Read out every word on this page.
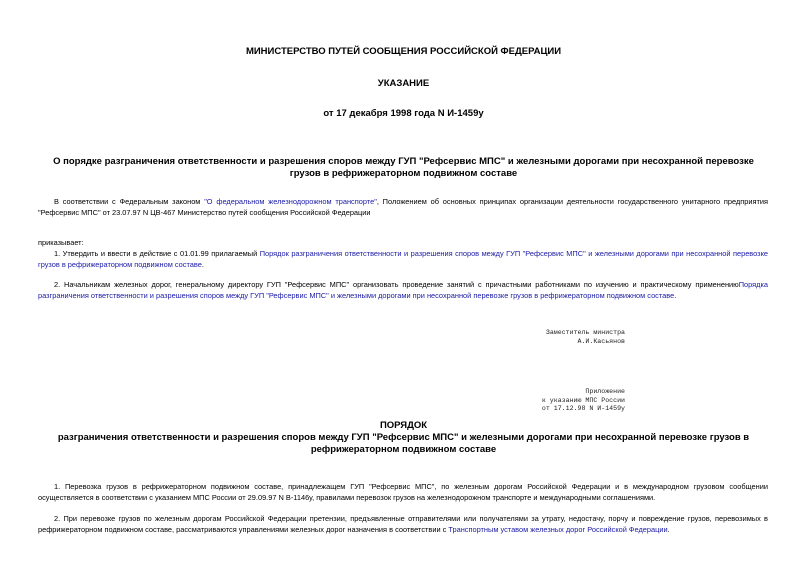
МИНИСТЕРСТВО ПУТЕЙ СООБЩЕНИЯ РОССИЙСКОЙ ФЕДЕРАЦИИ
УКАЗАНИЕ
от 17 декабря 1998 года N И-1459у
О порядке разграничения ответственности и разрешения споров между ГУП "Рефсервис МПС" и железными дорогами при несохранной перевозке грузов в рефрижераторном подвижном составе
В соответствии с Федеральным законом "О федеральном железнодорожном транспорте", Положением об основных принципах организации деятельности государственного унитарного предприятия "Рефсервис МПС" от 23.07.97 N ЦВ-467 Министерство путей сообщения Российской Федерации
приказывает:
1. Утвердить и ввести в действие с 01.01.99 прилагаемый Порядок разграничения ответственности и разрешения споров между ГУП "Рефсервис МПС" и железными дорогами при несохранной перевозке грузов в рефрижераторном подвижном составе.
2. Начальникам железных дорог, генеральному директору ГУП "Рефсервис МПС" организовать проведение занятий с причастными работниками по изучению и практическому применениюПорядка разграничения ответственности и разрешения споров между ГУП "Рефсервис МПС" и железными дорогами при несохранной перевозке грузов в рефрижераторном подвижном составе.
Заместитель министра
А.И.Касьянов
Приложение
к указанию МПС России
от 17.12.98 N И-1459у
ПОРЯДОК
разграничения ответственности и разрешения споров между ГУП "Рефсервис МПС" и железными дорогами при несохранной перевозке грузов в рефрижераторном подвижном составе
1. Перевозка грузов в рефрижераторном подвижном составе, принадлежащем ГУП "Рефсервис МПС", по железным дорогам Российской Федерации и в международном грузовом сообщении осуществляется в соответствии с указанием МПС России от 29.09.97 N В-1146у, правилами перевозок грузов на железнодорожном транспорте и международными соглашениями.
2. При перевозке грузов по железным дорогам Российской Федерации претензии, предъявленные отправителями или получателями за утрату, недостачу, порчу и повреждение грузов, перевозимых в рефрижераторном подвижном составе, рассматриваются управлениями железных дорог назначения в соответствии с Транспортным уставом железных дорог Российской Федерации.
